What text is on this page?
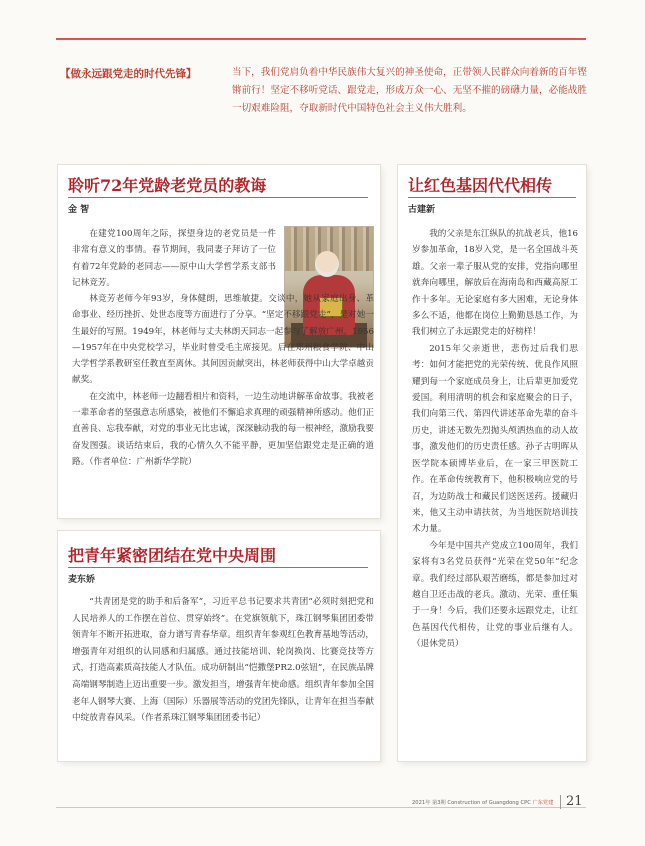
【做永远跟党走的时代先锋】	当下，我们党肩负着中华民族伟大复兴的神圣使命，正带领人民群众向着新的百年铿锵前行！坚定不移听党话、跟党走，形成万众一心、无坚不摧的磅礴力量，必能战胜一切艰难险阻，夺取新时代中国特色社会主义伟大胜利。
聆听72年党龄老党员的教诲
金 智
在建党100周年之际，探望身边的老党员是一件非常有意义的事情。春节期间，我同妻子拜访了一位有着72年党龄的老同志——原中山大学哲学系支部书记林竞芳。
林竞芳老师今年93岁，身体健朗，思维敏捷。交谈中，她从家庭出身、革命事业、经历挫折、处世态度等方面进行了分享。“坚定不移跟党走”，是对她一生最好的写照。1949年，林老师与丈夫林朗天同志一起参与了解放广州。1956—1957年在中央党校学习，毕业时曾受毛主席接见。后在郑州粮食学院、中山大学哲学系教研室任教直至离休。其间因贡献突出，林老师获得中山大学卓越贡献奖。
在交流中，林老师一边翻看相片和资料，一边生动地讲解革命故事。我被老一辈革命者的坚强意志所感染，被他们不懈追求真理的顽强精神所感动。他们正直善良、忘我奉献，对党的事业无比忠诚，深深触动我的每一根神经，激励我要奋发图强。谈话结束后，我的心情久久不能平静，更加坚信跟党走是正确的道路。（作者单位：广州新华学院）
把青年紧密团结在党中央周围
麦东娇
“共青团是党的助手和后备军”，习近平总书记要求共青团“必须时刻把党和人民培养人的工作摆在首位、贯穿始终”。在党旗领航下，珠江钢琴集团团委带领青年不断开拓进取，奋力谱写青春华章。组织青年参观红色教育基地等活动，增强青年对组织的认同感和归属感。通过技能培训、轮岗换岗、比赛竞技等方式，打造高素质高技能人才队伍。成功研制出“恺撒堡PR2.0弦钮”，在民族品牌高端钢琴制造上迈出重要一步。激发担当，增强青年使命感。组织青年参加全国老年人钢琴大赛、上海（国际）乐器展等活动的党团先锋队，让青年在担当奉献中绽放青春风采。（作者系珠江钢琴集团团委书记）
让红色基因代代相传
古建新
我的父亲是东江纵队的抗战老兵，他16岁参加革命，18岁入党，是一名全国战斗英雄。父亲一辈子服从党的安排，党指向哪里就奔向哪里，解放后在海南岛和西藏高原工作十多年。无论家庭有多大困难，无论身体多么不适，他都在岗位上勤勤恳恳工作，为我们树立了永远跟党走的好榜样！
2015年父亲逝世，悲伤过后我们思考：如何才能把党的光荣传统、优良作风照耀到每一个家庭成员身上，让后辈更加爱党爱国。利用清明的机会和家庭聚会的日子，我们向第三代、第四代讲述革命先辈的奋斗历史，讲述无数先烈抛头颅洒热血的动人故事，激发他们的历史责任感。孙子古明晖从医学院本硕博毕业后，在一家三甲医院工作。在革命传统教育下，他积极响应党的号召，为边防战士和藏民们送医送药。援藏归来，他又主动申请扶贫，为当地医院培训技术力量。
今年是中国共产党成立100周年，我们家将有3名党员获得“光荣在党50年”纪念章。我们经过部队艰苦磨练，都是参加过对越自卫还击战的老兵。激动、光荣、重任集于一身！今后，我们还要永远跟党走，让红色基因代代相传，让党的事业后继有人。（退休党员）
2021年 第3期 Construction of Guangdong CPC 广东党建 21
